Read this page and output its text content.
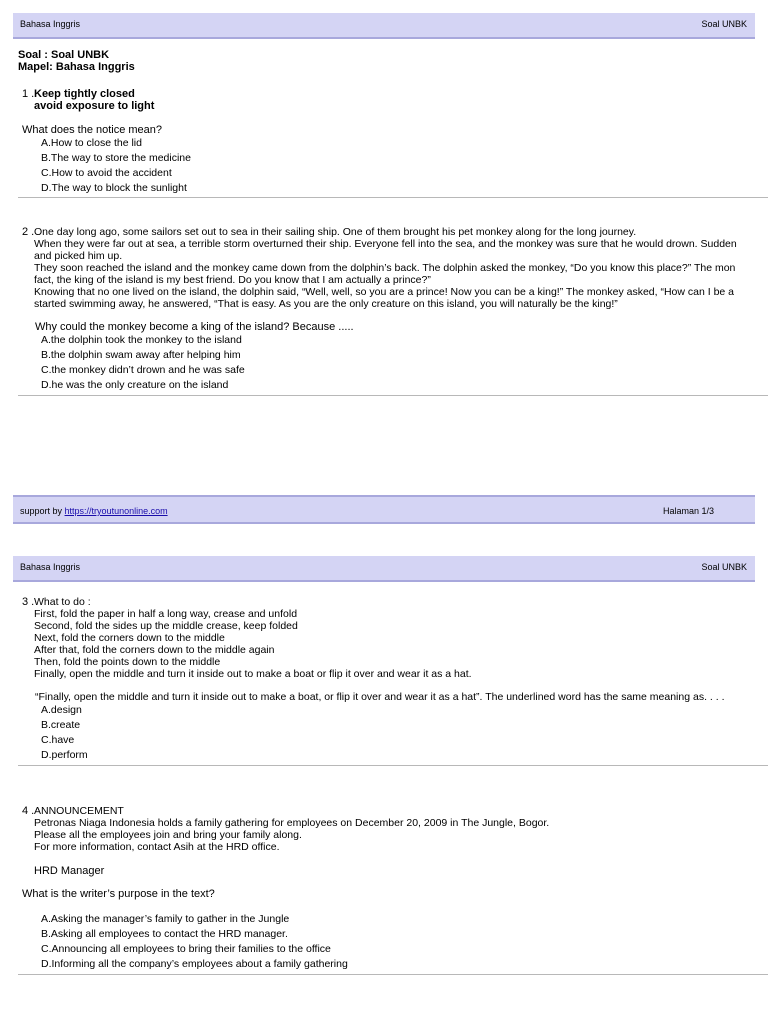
Bahasa Inggris	Soal UNBK
Soal : Soal UNBK
Mapel: Bahasa Inggris
1 . Keep tightly closed
avoid exposure to light
What does the notice mean?
A.How to close the lid
B.The way to store the medicine
C.How to avoid the accident
D.The way to block the sunlight
2 . One day long ago, some sailors set out to sea in their sailing ship. One of them brought his pet monkey along for the long journey.
When they were far out at sea, a terrible storm overturned their ship. Everyone fell into the sea, and the monkey was sure that he would drown. Sudden
and picked him up.
They soon reached the island and the monkey came down from the dolphin’s back. The dolphin asked the monkey, “Do you know this place?” The mon
fact, the king of the island is my best friend. Do you know that I am actually a prince?”
Knowing that no one lived on the island, the dolphin said, “Well, well, so you are a prince! Now you can be a king!” The monkey asked, “How can I be a
started swimming away, he answered, “That is easy. As you are the only creature on this island, you will naturally be the king!”
Why could the monkey become a king of the island? Because .....
A.the dolphin took the monkey to the island
B.the dolphin swam away after helping him
C.the monkey didn’t drown and he was safe
D.he was the only creature on the island
support by https://tryoutunonline.com	Halaman 1/3
Bahasa Inggris	Soal UNBK
3 . What to do :
First, fold the paper in half a long way, crease and unfold
Second, fold the sides up the middle crease, keep folded
Next, fold the corners down to the middle
After that, fold the corners down to the middle again
Then, fold the points down to the middle
Finally, open the middle and turn it inside out to make a boat or flip it over and wear it as a hat.
“Finally, open the middle and turn it inside out to make a boat, or flip it over and wear it as a hat”. The underlined word has the same meaning as. . . .
A.design
B.create
C.have
D.perform
4 . ANNOUNCEMENT
Petronas Niaga Indonesia holds a family gathering for employees on December 20, 2009 in The Jungle, Bogor.
Please all the employees join and bring your family along.
For more information, contact Asih at the HRD office.
HRD Manager
What is the writer’s purpose in the text?
A.Asking the manager’s family to gather in the Jungle
B.Asking all employees to contact the HRD manager.
C.Announcing all employees to bring their families to the office
D.Informing all the company’s employees about a family gathering
